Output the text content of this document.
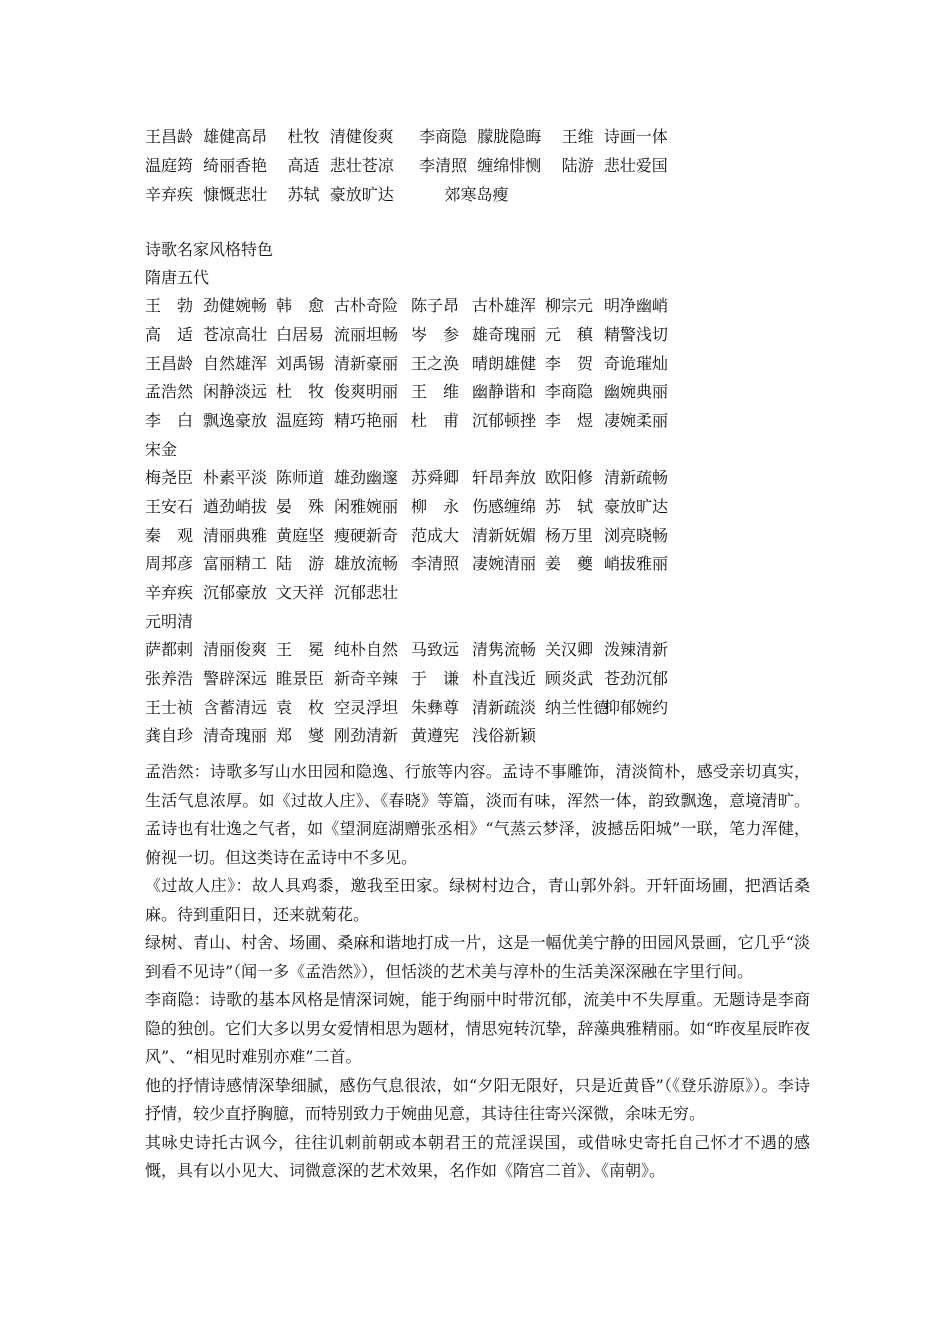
王昌龄  雄健高昂    杜牧  清健俊爽     李商隐  朦胧隐晦    王维  诗画一体
温庭筠  绮丽香艳    高适  悲壮苍凉     李清照  缠绵悱恻    陆游  悲壮爱国
辛弃疾  慷慨悲壮    苏轼  豪放旷达          郊寒岛瘦
诗歌名家风格特色
隋唐五代
王　勃 劲健婉畅 韩　愈 古朴奇险 陈子昂 古朴雄浑 柳宗元 明净幽峭
高　适 苍凉高壮 白居易 流丽坦畅 岑　参 雄奇瑰丽 元　稹 精警浅切
王昌龄 自然雄浑 刘禹锡 清新豪丽 王之涣 晴朗雄健 李　贺 奇诡璀灿
孟浩然 闲静淡远 杜　牧 俊爽明丽 王　维 幽静谐和 李商隐 幽婉典丽
李　白 飘逸豪放 温庭筠 精巧艳丽 杜　甫 沉郁顿挫 李　煜 凄婉柔丽
宋金
梅尧臣 朴素平淡 陈师道 雄劲幽邃 苏舜卿 轩昂奔放 欧阳修 清新疏畅
王安石 遒劲峭拔 晏　殊 闲雅婉丽 柳　永 伤感缠绵 苏　轼 豪放旷达
秦　观 清丽典雅 黄庭坚 瘦硬新奇 范成大 清新妩媚 杨万里 浏亮晓畅
周邦彦 富丽精工 陆　游 雄放流畅 李清照 凄婉清丽 姜　夔 峭拔雅丽
辛弃疾 沉郁豪放 文天祥 沉郁悲壮
元明清
萨都剌 清丽俊爽 王　冕 纯朴自然 马致远 清隽流畅 关汉卿 泼辣清新
张养浩 警辟深远 睢景臣 新奇辛辣 于　谦 朴直浅近 顾炎武 苍劲沉郁
王士祯 含蓄清远 袁　枚 空灵浮坦 朱彝尊 清新疏淡 纳兰性德
抑郁婉约
龚自珍 清奇瑰丽 郑　燮 刚劲清新 黄遵宪 浅俗新颖

孟浩然：诗歌多写山水田园和隐逸、行旅等内容。孟诗不事雕饰，清淡简朴，感受亲切真实，生活气息浓厚。如《过故人庄》、《春晓》等篇，淡而有味，浑然一体，韵致飘逸，意境清旷。孟诗也有壮逸之气者，如《望洞庭湖赠张丞相》“气蒸云梦泽，波撼岳阳城”一联，笔力浑健，俯视一切。但这类诗在孟诗中不多见。

《过故人庄》：故人具鸡黍，邀我至田家。绿树村边合，青山郭外斜。开轩面场圃，把酒话桑麻。待到重阳日，还来就菊花。

绿树、青山、村舍、场圃、桑麻和谐地打成一片，这是一幅优美宁静的田园风景画，它几乎“淡到看不见诗”（闻一多《孟浩然》），但恬淡的艺术美与淳朴的生活美深深融在字里行间。

李商隐：诗歌的基本风格是情深词婉，能于绚丽中时带沉郁，流美中不失厚重。无题诗是李商隐的独创。它们大多以男女爱情相思为题材，情思宛转沉挚，辞藻典雅精丽。如“昨夜星辰昨夜风”、“相见时难别亦难”二首。

他的抒情诗感情深挚细腻，感伤气息很浓，如“夕阳无限好，只是近黄昏”（《登乐游原》）。李诗抒情，较少直抒胸臆，而特别致力于婉曲见意，其诗往往寄兴深微，余味无穷。

其咏史诗托古讽今，往往讥刺前朝或本朝君王的荒淫误国，或借咏史寄托自己怀才不遇的感慨，具有以小见大、词微意深的艺术效果，名作如《隋宫二首》、《南朝》。
